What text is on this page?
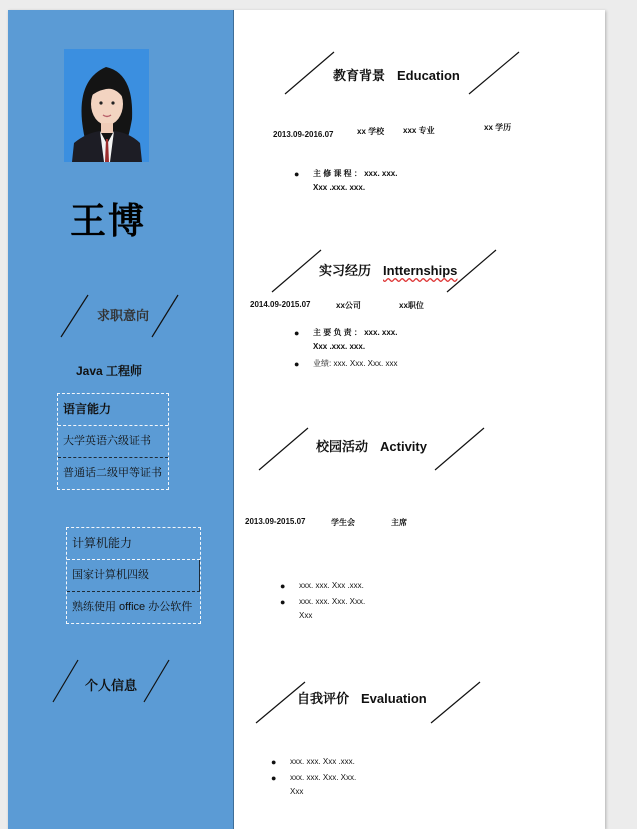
王博
求职意向
Java 工程师
语言能力
大学英语六级证书
普通话二级甲等证书
计算机能力
国家计算机四级
熟练使用 office 办公软件
个人信息
教育背景 Education
2013.09-2016.07	xx 学校 xxx 专业	xx 学历
● 主 修 课 程 ： xxx. xxx.
Xxx .xxx. xxx.
实习经历 Intternships
2014.09-2015.07	xx公司	xx职位
● 主 要 负 责 ： xxx. xxx.
Xxx .xxx. xxx.
● 业绩: xxx. Xxx. Xxx. xxx
校园活动 Activity
2013.09-2015.07	学生会	主席
● xxx. xxx. Xxx .xxx.
● xxx. xxx. Xxx. Xxx.
Xxx
自我评价 Evaluation
● xxx. xxx. Xxx .xxx.
● xxx. xxx. Xxx. Xxx.
Xxx
